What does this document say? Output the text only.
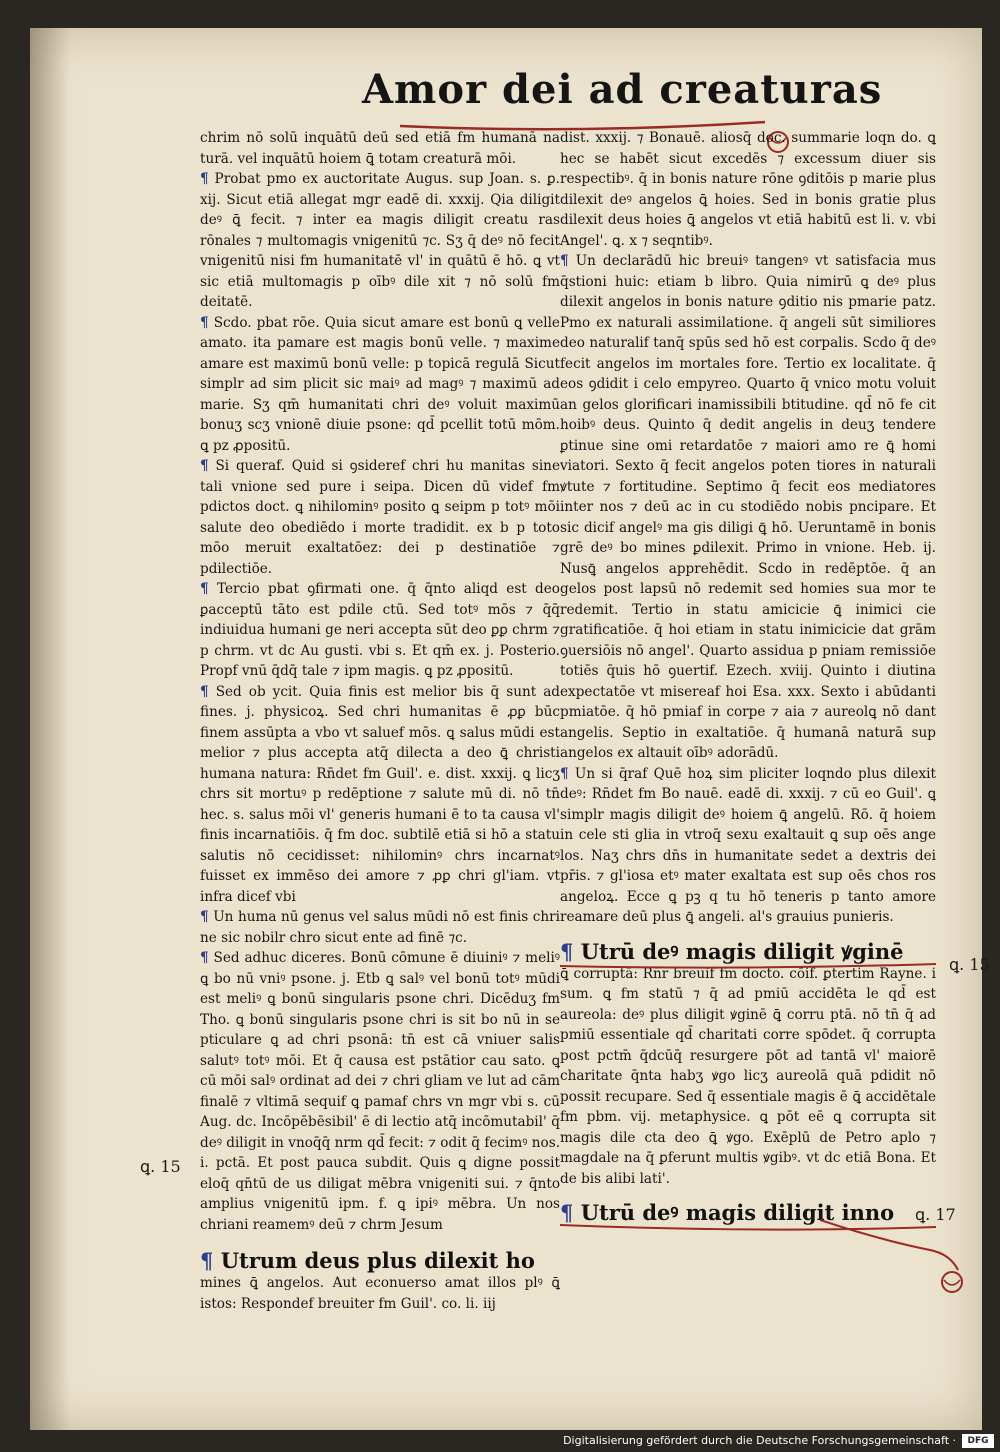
Amor dei ad creaturas

chrim nō solū inquātū deū sed etiā fm humanā na turā. vel inquātū hoiem ꝗ̄ totam creaturā mōi.

¶ Probat pmo ex auctoritate Augus. sup Joan. s. ꝑ. xij. Sicut etiā allegat mgr eadē di. xxxij. Qia diligit deꝰ ꝗ̄ fecit. ⁊ inter ea magis diligit creatu ras rōnales ⁊ multomagis vnigenitū ⁊c. Sʒ q̄ deꝰ nō fecit vnigenitū nisi fm humanitatē vl' in quātū ē hō. ꝗ vt sic etiā multomagis p oībꝰ dile xit ⁊ nō solū fm deitatē.

¶ Scdo. pbat rōe. Quia sicut amare est bonū ꝗ velle amato. ita pamare est magis bonū velle. ⁊ maxime amare est maximū bonū velle: p topicā regulā Sicut simplr ad sim plicit sic maiꝰ ad magꝰ ⁊ maximū ad marie. Sʒ qm̄ humanitati chri deꝰ voluit maximū bonuʒ scʒ vnionē diuie psone: qd̄ pcellit totū mōm. ꝗ pz ꝓpositū.

¶ Si queraf. Quid si ꝯsideref chri hu manitas sine tali vnione sed pure i seipa. Dicen dū videf fm pdictos doct. ꝗ nihilominꝰ posito ꝗ seipm p totꝰ mōi salute deo obediēdo i morte tradidit. ex b p toto mōo meruit exaltatōez: dei p destinatiōe ⁊ pdilectiōe.

¶ Tercio pbat ꝯfirmati one. q̄ q̄nto aliqd est deo ꝑacceptū tāto est pdile ctū. Sed totꝰ mōs ⁊ q̄q̄ indiuidua humani ge neri accepta sūt deo ꝑꝑ chrm ⁊ p chrm. vt dc Au gusti. vbi s. Et qm̄ ex. j. Posterio. Propf vnū q̄dq̄ tale ⁊ ipm magis. ꝗ pz ꝓpositū.

¶ Sed ob ycit. Quia finis est melior bis q̄ sunt ad fines. j. physicoꝝ. Sed chri humanitas ē ꝓꝑ būc finem assūpta a vbo vt saluef mōs. ꝗ salus mūdi est melior ⁊ plus accepta atq̄ dilecta a deo ꝗ̄ christi humana natura: Rn̄det fm Guil'. e. dist. xxxij. ꝗ licʒ chrs sit mortuꝰ p redēptione ⁊ salute mū di. nō tn̄ hec. s. salus mōi vl' generis humani ē to ta causa vl' finis incarnatiōis. q̄ fm doc. subtilē etiā si hō a statu salutis nō cecidisset: nihilominꝰ chrs incarnatꝰ fuisset ex immēso dei amore ⁊ ꝓꝑ chri gl'iam. vt infra dicef vbi

¶ Un huma nū genus vel salus mūdi nō est finis chri ne sic nobilr chro sicut ente ad finē ⁊c.

¶ Sed adhuc diceres. Bonū cōmune ē diuiniꝰ ⁊ meliꝰ ꝗ bo nū vniꝰ psone. j. Etb ꝗ salꝰ vel bonū totꝰ mūdi est meliꝰ ꝗ bonū singularis psone chri. Dicēduʒ fm Tho. ꝗ bonū singularis psone chri is sit bo nū in se pticulare ꝗ ad chri psonā: tn̄ est cā vniuer salis salutꝰ totꝰ mōi. Et q̄ causa est pstātior cau sato. ꝗ cū mōi salꝰ ordinat ad dei ⁊ chri gliam ve lut ad cām finalē ⁊ vltimā sequif ꝗ pamaf chrs vn mgr vbi s. cū Aug. dc. Incōpēbēsibil' ē di lectio atq̄ incōmutabil' q̄ deꝰ diligit in vnoq̄q̄ nrm qd̄ fecit: ⁊ odit q̄ fecimꝰ nos. i. pctā. Et post pauca subdit. Quis ꝗ digne possit eloq̄ qn̄tū de us diligat mēbra vnigeniti sui. ⁊ q̄nto amplius vnigenitū ipm. f. ꝗ ipiꝰ mēbra. Un nos chriani reamemꝰ deū ⁊ chrm Jesum

¶ Utrum deus plus dilexit ho

mines ꝗ̄ angelos. Aut econuerso amat illos plꝰ ꝗ̄ istos: Respondef breuiter fm Guil'. co. li. iij

dist. xxxij. ⁊ Bonauē. aliosq̄ doc. summarie loqn do. ꝗ hec se habēt sicut excedēs ⁊ excessum diuer sis respectibꝰ. q̄ in bonis nature rōne ꝯditōis p marie plus dilexit deꝰ angelos ꝗ̄ hoies. Sed in bonis gratie plus dilexit deus hoies ꝗ̄ angelos vt etiā habitū est li. v. vbi Angel'. ꝗ. x ⁊ seqntibꝰ.

¶ Un declarādū hic breuiꝰ tangenꝰ vt satisfacia mus q̄stioni huic: etiam b libro. Quia nimirū ꝗ deꝰ plus dilexit angelos in bonis nature ꝯditio nis pmarie patz. Pmo ex naturali assimilatione. q̄ angeli sūt similiores deo naturalif tanq̄ spūs sed hō est corpalis. Scdo q̄ deꝰ fecit angelos im mortales fore. Tertio ex localitate. q̄ eos ꝯdidit i celo empyreo. Quarto q̄ vnico motu voluit an gelos glorificari inamissibili btitudine. qd̄ nō fe cit hoibꝰ deus. Quinto q̄ dedit angelis in deuʒ tendere ꝑtinue sine omi retardatōe ⁊ maiori amo re ꝗ̄ homi viatori. Sexto q̄ fecit angelos poten tiores in naturali ꝟtute ⁊ fortitudine. Septimo q̄ fecit eos mediatores inter nos ⁊ deū ac in cu stodiēdo nobis pncipare. Et sic dicif angelꝰ ma gis diligi ꝗ̄ hō. Ueruntamē in bonis grē deꝰ bo mines ꝑdilexit. Primo in vnione. Heb. ij. Nusꝗ̄ angelos apprehēdit. Scdo in redēptōe. q̄ an gelos post lapsū nō redemit sed homies sua mor te redemit. Tertio in statu amicicie ꝗ̄ inimici cie gratificatiōe. q̄ hoi etiam in statu inimicicie dat grām ꝯuersiōis nō angel'. Quarto assidua p pniam remissiōe totiēs q̄uis hō ꝯuertif. Ezech. xviij. Quinto i diutina expectatōe vt misereaf hoi Esa. xxx. Sexto i abūdanti pmiatōe. q̄ hō pmiaf in corpe ⁊ aia ⁊ aureolꝗ nō dant angelis. Septio in exaltatiōe. q̄ humanā naturā sup angelos ex altauit oībꝰ adorādū.

¶ Un si q̄raf Quē hoꝝ sim pliciter loqndo plus dilexit deꝰ: Rn̄det fm Bo nauē. eadē di. xxxij. ⁊ cū eo Guil'. ꝗ simplr magis diligit deꝰ hoiem ꝗ̄ angelū. Rō. q̄ hoiem in cele sti glia in vtroq̄ sexu exaltauit ꝗ sup oēs ange los. Naʒ chrs dn̄s in humanitate sedet a dextris dei pr̄is. ⁊ gl'iosa etꝰ mater exaltata est sup oēs chos ros angeloꝝ. Ecce ꝗ pꝫ q tu hō teneris p tanto amore reamare deū plus ꝗ̄ angeli. al's grauius punieris.

¶ Utrū deꝰ magis diligit ꝟginē

ꝗ̄ corruptā: Rn̄r breuif fm docto. cōif. ꝑtertim Rayne. i sum. ꝗ fm statū ⁊ q̄ ad pmiū accidēta le qd̄ est aureola: deꝰ plus diligit ꝟginē ꝗ̄ corru ptā. nō tn̄ q̄ ad pmiū essentiale qd̄ charitati corre spōdet. q̄ corrupta post pctm̄ q̄dcūq̄ resurgere pōt ad tantā vl' maiorē charitate q̄nta habʒ ꝟgo licʒ aureolā quā pdidit nō possit recupare. Sed q̄ essentiale magis ē ꝗ̄ accidētale fm pbm. vij. metaphysice. ꝗ pōt eē ꝗ corrupta sit magis dile cta deo ꝗ̄ ꝟgo. Exēplū de Petro aplo ⁊ magdale na q̄ ꝑferunt multis ꝟgibꝰ. vt dc etiā Bona. Et de bis alibi lati'.

¶ Utrū deꝰ magis diligit inno

ꝗ. 15
ꝗ. 15
ꝗ. 17
Digitalisierung gefördert durch die Deutsche Forschungsgemeinschaft ·	DFG
